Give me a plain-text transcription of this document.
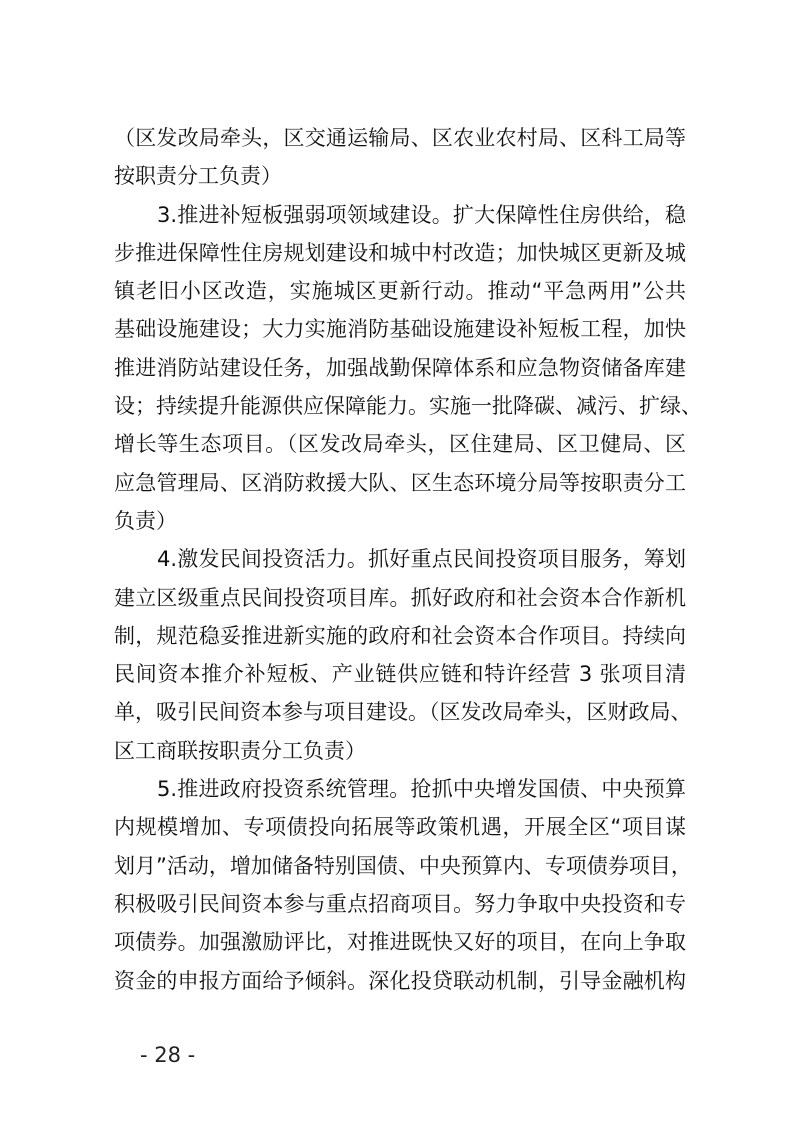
（区发改局牵头，区交通运输局、区农业农村局、区科工局等
按职责分工负责）
3.推进补短板强弱项领域建设。扩大保障性住房供给，稳
步推进保障性住房规划建设和城中村改造；加快城区更新及城
镇老旧小区改造，实施城区更新行动。推动“平急两用”公共
基础设施建设；大力实施消防基础设施建设补短板工程，加快
推进消防站建设任务，加强战勤保障体系和应急物资储备库建
设；持续提升能源供应保障能力。实施一批降碳、减污、扩绿、
增长等生态项目。（区发改局牵头，区住建局、区卫健局、区
应急管理局、区消防救援大队、区生态环境分局等按职责分工
负责）
4.激发民间投资活力。抓好重点民间投资项目服务，筹划
建立区级重点民间投资项目库。抓好政府和社会资本合作新机
制，规范稳妥推进新实施的政府和社会资本合作项目。持续向
民间资本推介补短板、产业链供应链和特许经营 3 张项目清
单，吸引民间资本参与项目建设。（区发改局牵头，区财政局、
区工商联按职责分工负责）
5.推进政府投资系统管理。抢抓中央增发国债、中央预算
内规模增加、专项债投向拓展等政策机遇，开展全区“项目谋
划月”活动，增加储备特别国债、中央预算内、专项债券项目，
积极吸引民间资本参与重点招商项目。努力争取中央投资和专
项债券。加强激励评比，对推进既快又好的项目，在向上争取
资金的申报方面给予倾斜。深化投贷联动机制，引导金融机构
- 28 -
